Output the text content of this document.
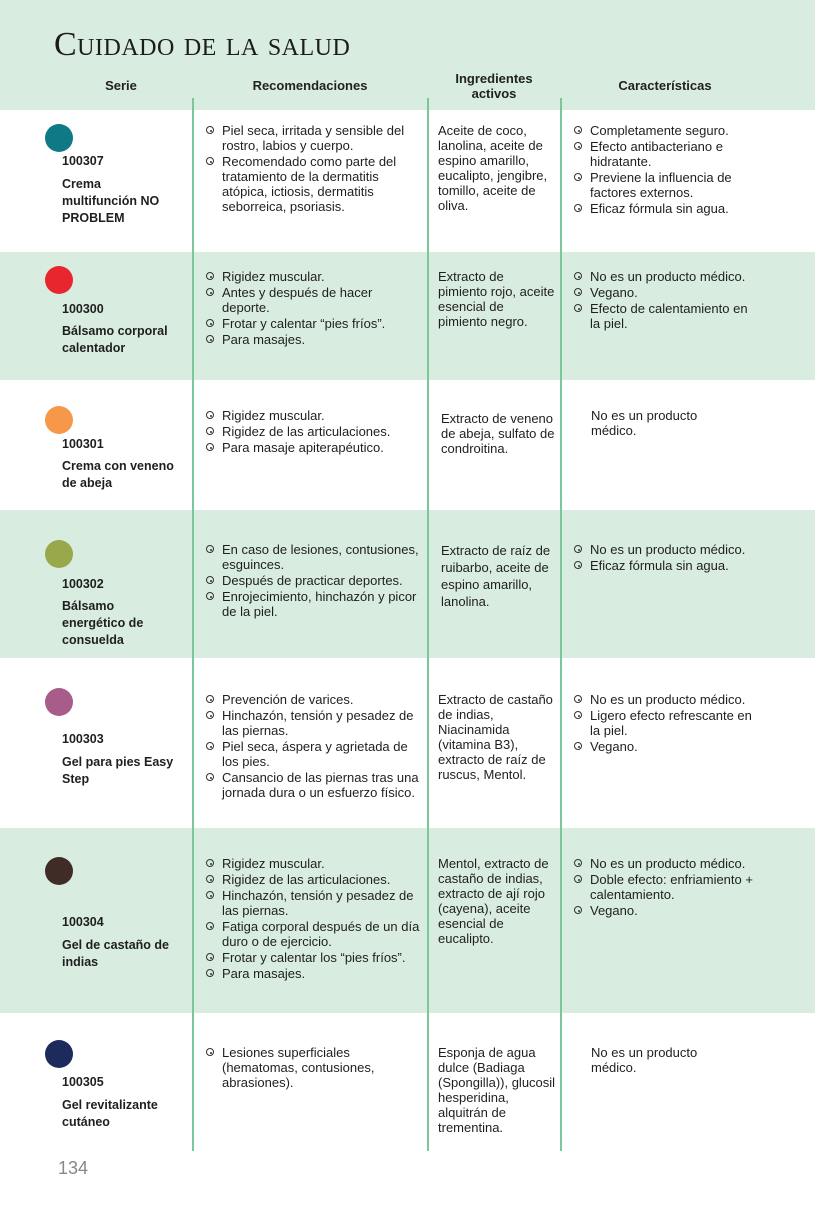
Cuidado de la salud
Serie	Recomendaciones	Ingredientes activos
Características
100307
Crema multifunción NO PROBLEM
Piel seca, irritada y sensible del rostro, labios y cuerpo.
Recomendado como parte del tratamiento de la dermatitis atópica, ictiosis, dermatitis seborreica, psoriasis.
Aceite de coco, lanolina, aceite de espino amarillo, eucalipto, jengibre, tomillo, aceite de oliva.
Completamente seguro.
Efecto antibacteriano e hidratante.
Previene la influencia de factores externos.
Eficaz fórmula sin agua.
100300
Bálsamo corporal calentador
Rigidez muscular.
Antes y después de hacer deporte.
Frotar y calentar “pies fríos”.
Para masajes.
Extracto de pimiento rojo, aceite esencial de pimiento negro.
No es un producto médico.
Vegano.
Efecto de calentamiento en la piel.
100301
Crema con veneno de abeja
Rigidez muscular.
Rigidez de las articulaciones.
Para masaje apiterapéutico.
Extracto de veneno de abeja, sulfato de condroitina.
No es un producto médico.
100302
Bálsamo energético de consuelda
En caso de lesiones, contusiones, esguinces.
Después de practicar deportes.
Enrojecimiento, hinchazón y picor de la piel.
Extracto de raíz de ruibarbo, aceite de espino amarillo, lanolina.
No es un producto médico.
Eficaz fórmula sin agua.
100303
Gel para pies Easy Step
Prevención de varices.
Hinchazón, tensión y pesadez de las piernas.
Piel seca, áspera y agrietada de los pies.
Cansancio de las piernas tras una jornada dura o un esfuerzo físico.
Extracto de castaño de indias, Niacinamida (vitamina B3), extracto de raíz de ruscus, Mentol.
No es un producto médico.
Ligero efecto refrescante en la piel.
Vegano.
100304
Gel de castaño de indias
Rigidez muscular.
Rigidez de las articulaciones.
Hinchazón, tensión y pesadez de las piernas.
Fatiga corporal después de un día duro o de ejercicio.
Frotar y calentar los “pies fríos”.
Para masajes.
Mentol, extracto de castaño de indias, extracto de ají rojo (cayena), aceite esencial de eucalipto.
No es un producto médico.
Doble efecto: enfriamiento + calentamiento.
Vegano.
100305
Gel revitalizante cutáneo
Lesiones superficiales (hematomas, contusiones, abrasiones).
Esponja de agua dulce (Badiaga (Spongilla)), glucosil hesperidina, alquitrán de trementina.
No es un producto médico.
134
